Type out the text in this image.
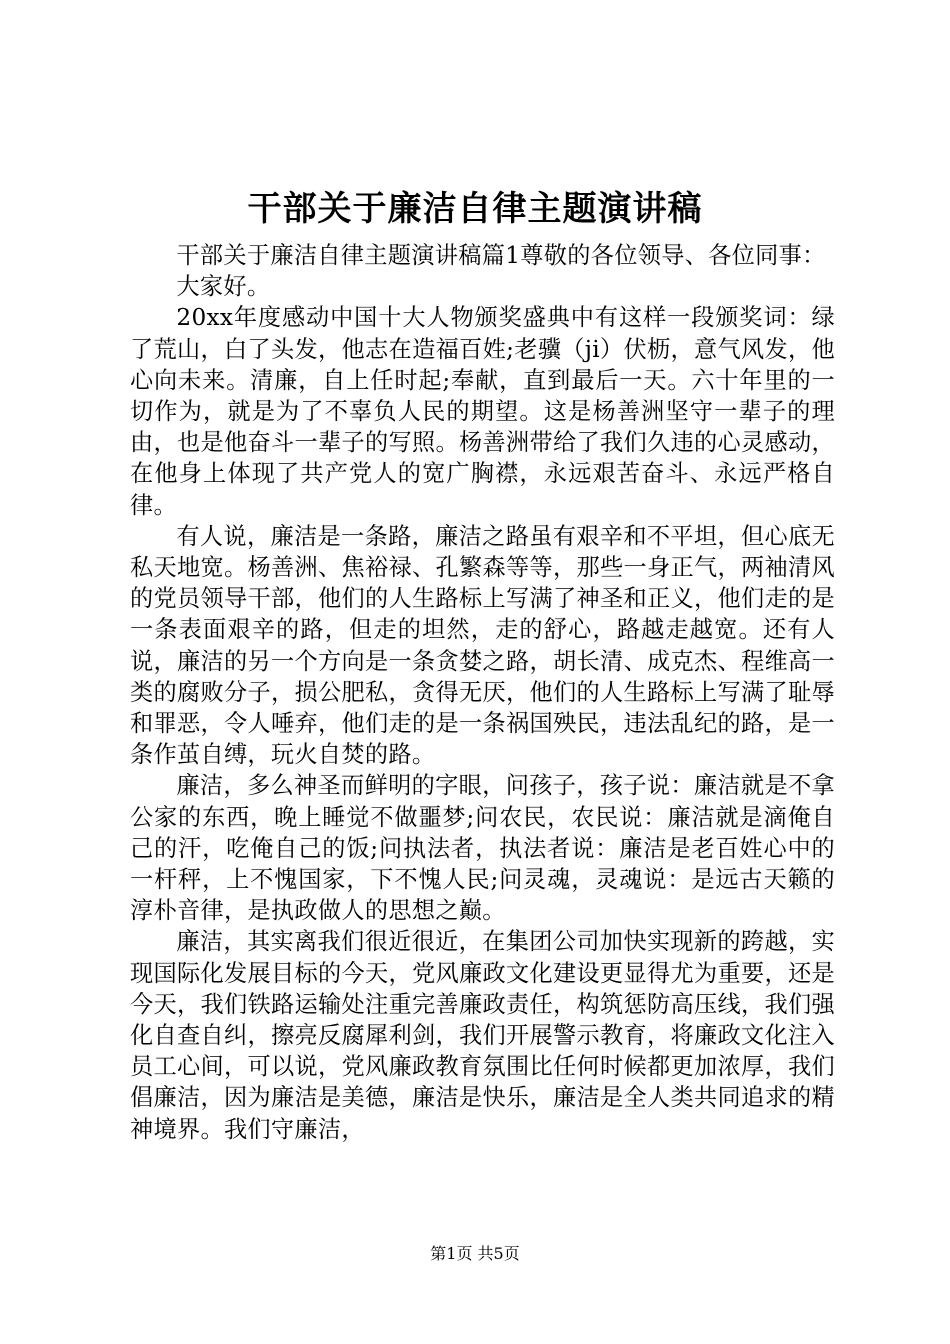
干部关于廉洁自律主题演讲稿

干部关于廉洁自律主题演讲稿篇1尊敬的各位领导、各位同事：

大家好。

20xx年度感动中国十大人物颁奖盛典中有这样一段颁奖词：绿了荒山，白了头发，他志在造福百姓;老骥（ji）伏枥，意气风发，他心向未来。清廉，自上任时起;奉献，直到最后一天。六十年里的一切作为，就是为了不辜负人民的期望。这是杨善洲坚守一辈子的理由，也是他奋斗一辈子的写照。杨善洲带给了我们久违的心灵感动，在他身上体现了共产党人的宽广胸襟，永远艰苦奋斗、永远严格自律。

有人说，廉洁是一条路，廉洁之路虽有艰辛和不平坦，但心底无私天地宽。杨善洲、焦裕禄、孔繁森等等，那些一身正气，两袖清风的党员领导干部，他们的人生路标上写满了神圣和正义，他们走的是一条表面艰辛的路，但走的坦然，走的舒心，路越走越宽。还有人说，廉洁的另一个方向是一条贪婪之路，胡长清、成克杰、程维高一类的腐败分子，损公肥私，贪得无厌，他们的人生路标上写满了耻辱和罪恶，令人唾弃，他们走的是一条祸国殃民，违法乱纪的路，是一条作茧自缚，玩火自焚的路。

廉洁，多么神圣而鲜明的字眼，问孩子，孩子说：廉洁就是不拿公家的东西，晚上睡觉不做噩梦;问农民，农民说：廉洁就是滴俺自己的汗，吃俺自己的饭;问执法者，执法者说：廉洁是老百姓心中的一杆秤，上不愧国家，下不愧人民;问灵魂，灵魂说：是远古天籁的淳朴音律，是执政做人的思想之巅。

廉洁，其实离我们很近很近，在集团公司加快实现新的跨越，实现国际化发展目标的今天，党风廉政文化建设更显得尤为重要，还是今天，我们铁路运输处注重完善廉政责任，构筑惩防高压线，我们强化自查自纠，擦亮反腐犀利剑，我们开展警示教育，将廉政文化注入员工心间，可以说，党风廉政教育氛围比任何时候都更加浓厚，我们倡廉洁，因为廉洁是美德，廉洁是快乐，廉洁是全人类共同追求的精神境界。我们守廉洁，

第1页 共5页
